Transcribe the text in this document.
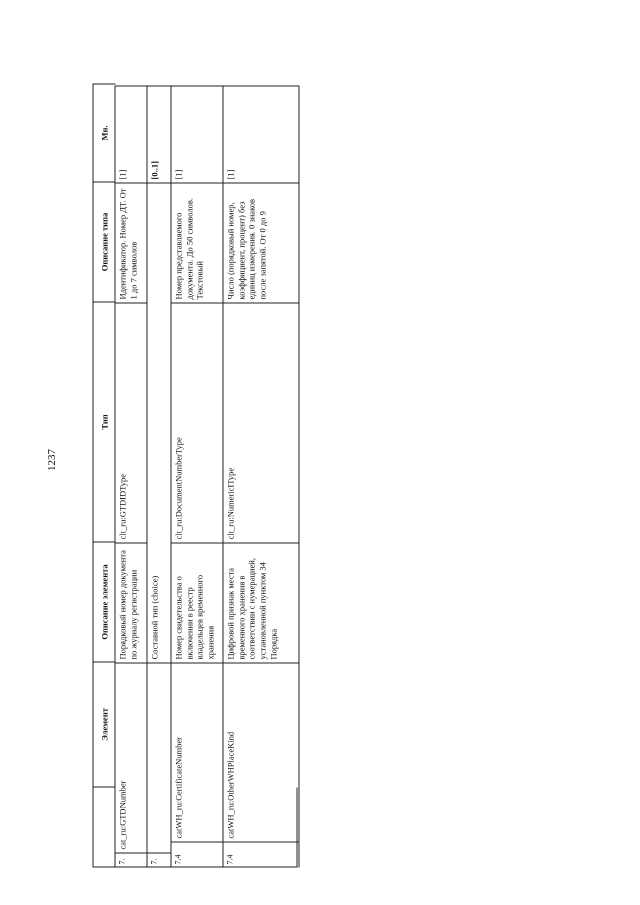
1237
Элемент
Описание элемента
Тип
Описание типа
Мн.
7.
cat_ru:GTDNumber
Порядковый номер документа по журналу регистрации
clt_ru:GTDIDType
Идентификатор. Номер ДТ. От 1 до 7 символов
[1]
7.
Составной тип (choice)
[0..1]
7.4
catWH_ru:CertificateNumber
Номер свидетельства о включении в реестр владельцев временного хранения
clt_ru:DocumentNumberType
Номер представляемого документа. До 50 символов. Текстовый
[1]
7.4
catWH_ru:OtherWHPlaceKind
Цифровой признак места временного хранения в соответствии с нумерацией, установленной пунктом 34 Порядка
clt_ru:NumericIType
Число (порядковый номер, коэффициент, процент) без единиц измерения. 0 знаков после запятой. От 0 до 9
[1]
